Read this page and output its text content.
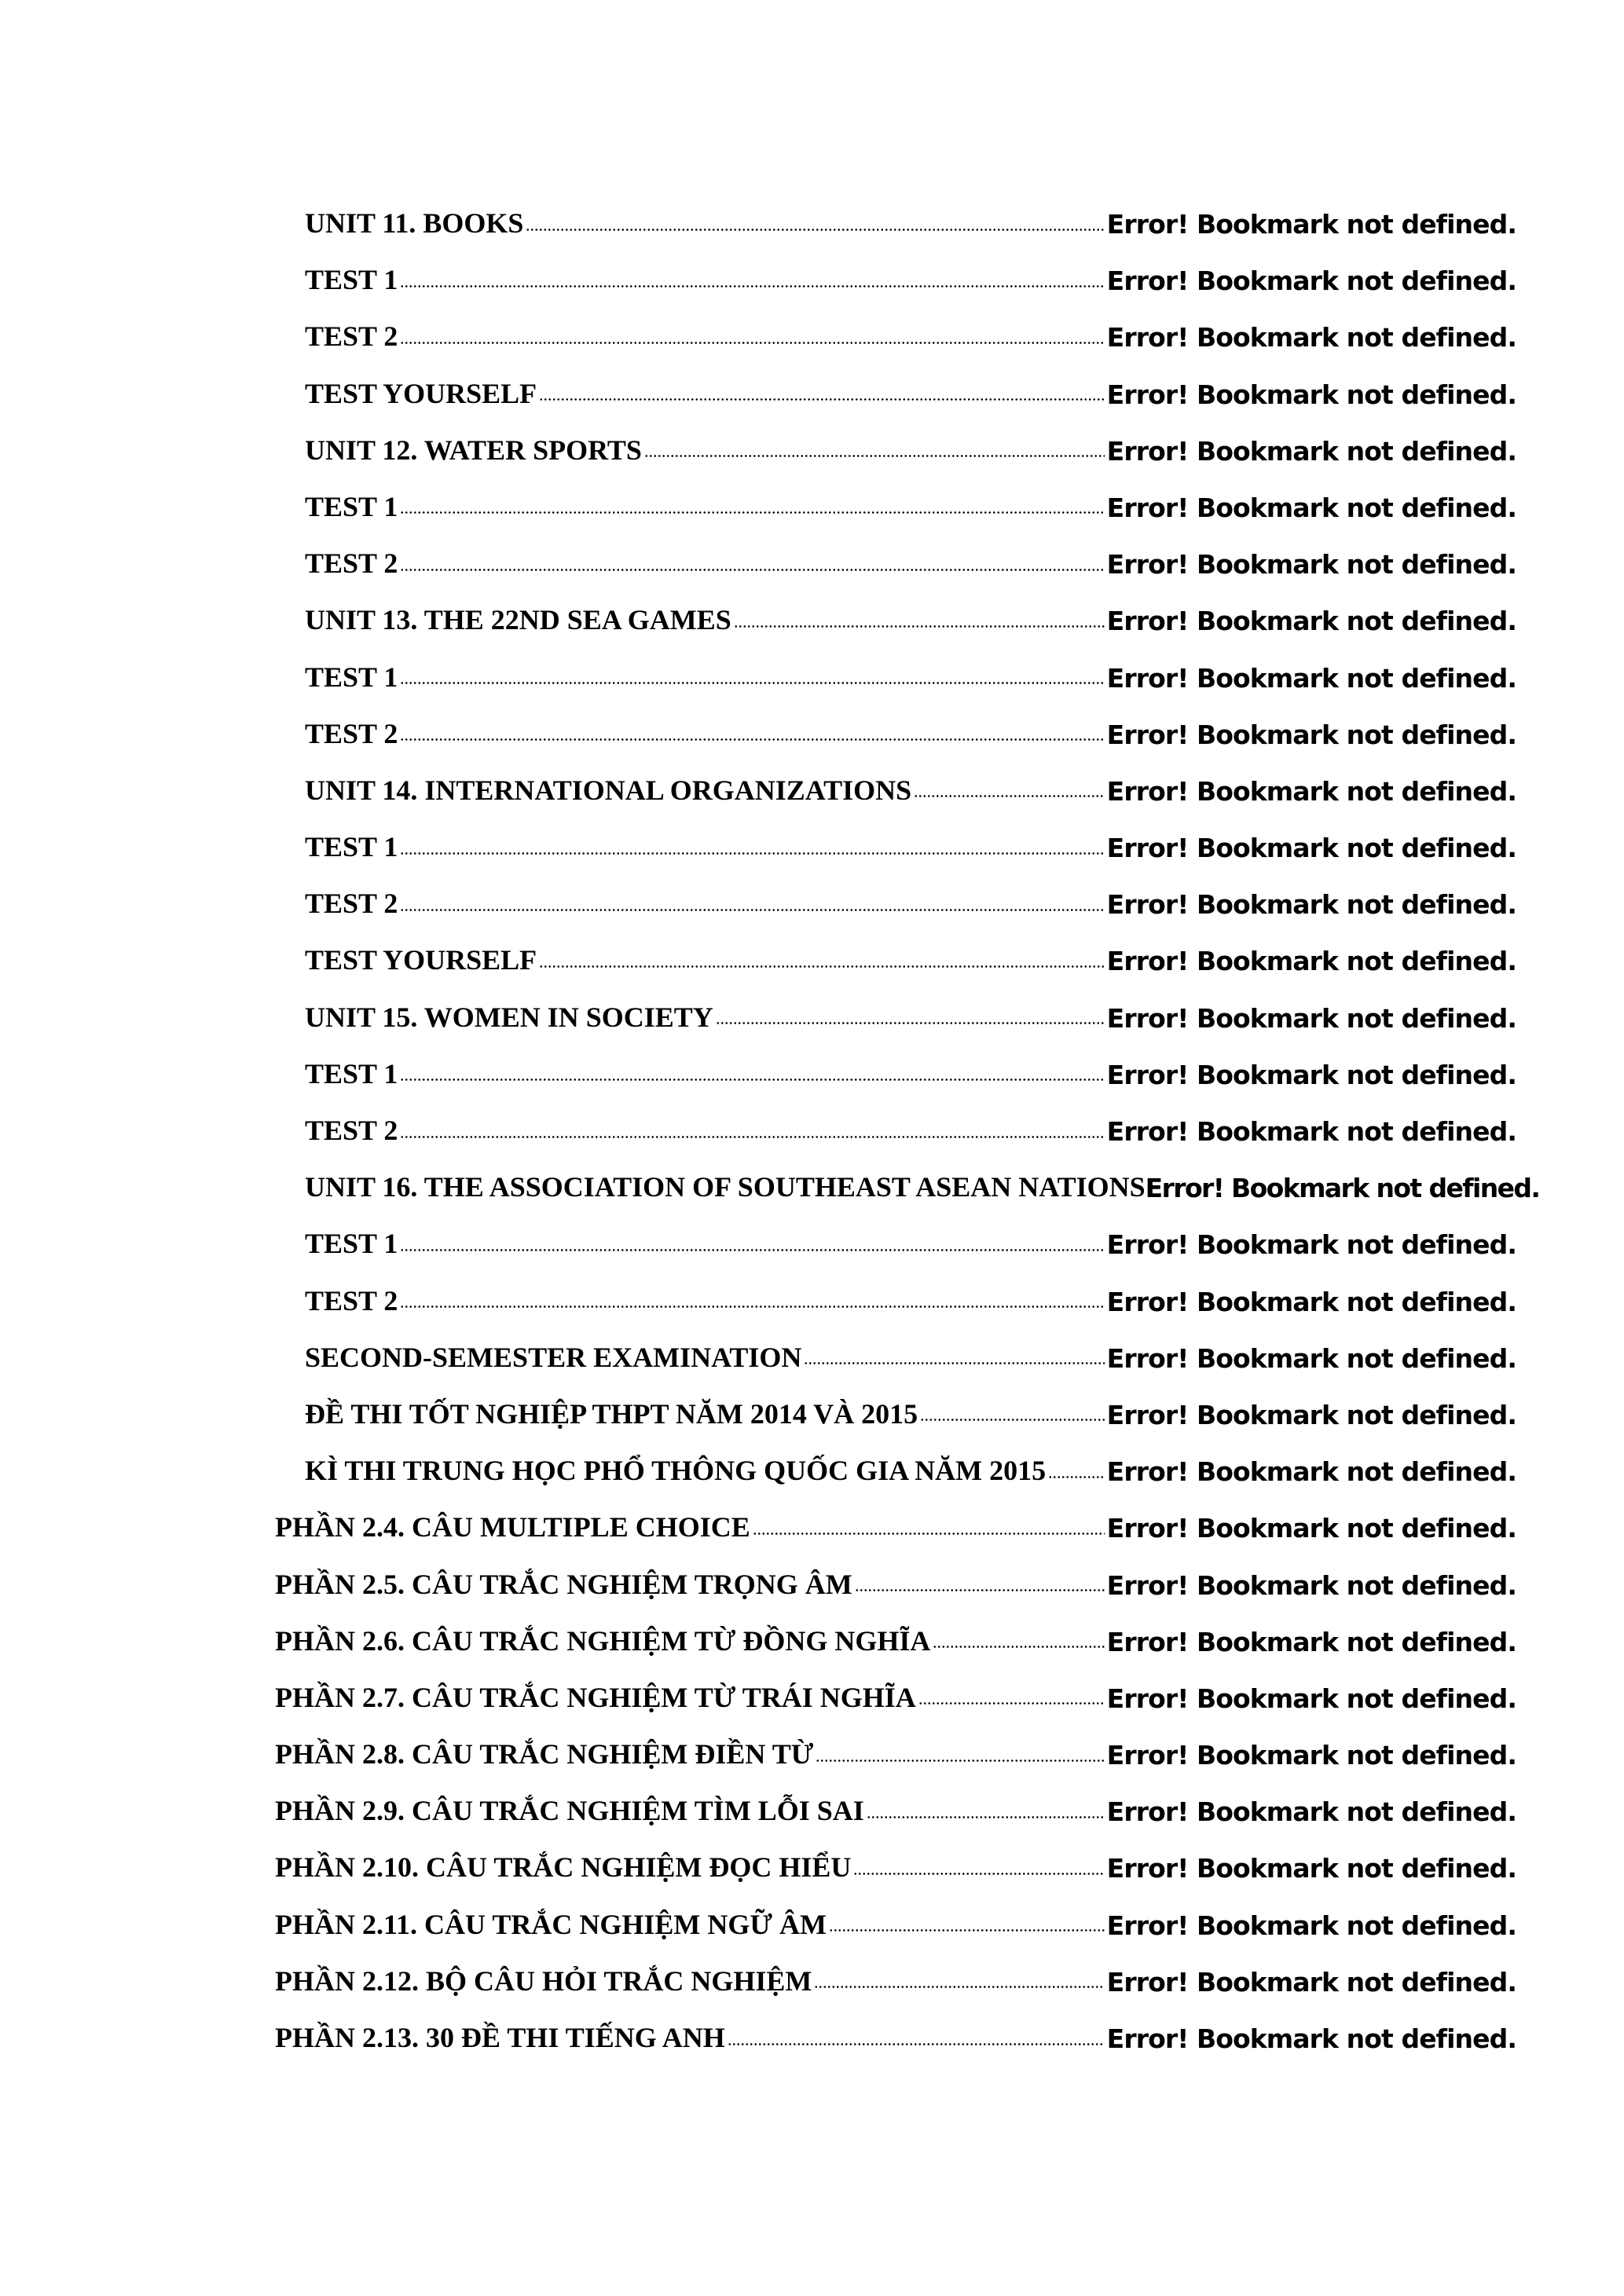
UNIT 11. BOOKS	Error! Bookmark not defined.
TEST 1	Error! Bookmark not defined.
TEST 2	Error! Bookmark not defined.
TEST YOURSELF	Error! Bookmark not defined.
UNIT 12. WATER SPORTS	Error! Bookmark not defined.
TEST 1	Error! Bookmark not defined.
TEST 2	Error! Bookmark not defined.
UNIT 13. THE 22ND SEA GAMES	Error! Bookmark not defined.
TEST 1	Error! Bookmark not defined.
TEST 2	Error! Bookmark not defined.
UNIT 14. INTERNATIONAL ORGANIZATIONS	Error! Bookmark not defined.
TEST 1	Error! Bookmark not defined.
TEST 2	Error! Bookmark not defined.
TEST YOURSELF	Error! Bookmark not defined.
UNIT 15. WOMEN IN SOCIETY	Error! Bookmark not defined.
TEST 1	Error! Bookmark not defined.
TEST 2	Error! Bookmark not defined.
UNIT 16. THE ASSOCIATION OF SOUTHEAST ASEAN NATIONS Error! Bookmark not defined.
TEST 1	Error! Bookmark not defined.
TEST 2	Error! Bookmark not defined.
SECOND-SEMESTER EXAMINATION	Error! Bookmark not defined.
ĐỀ THI TỐT NGHIỆP THPT NĂM 2014 VÀ 2015	Error! Bookmark not defined.
KÌ THI TRUNG HỌC PHỔ THÔNG QUỐC GIA NĂM 2015 Error! Bookmark not defined.
PHẦN 2.4. CÂU MULTIPLE CHOICE	Error! Bookmark not defined.
PHẦN 2.5. CÂU TRẮC NGHIỆM TRỌNG ÂM	Error! Bookmark not defined.
PHẦN 2.6. CÂU TRẮC NGHIỆM TỪ ĐỒNG NGHĨA	Error! Bookmark not defined.
PHẦN 2.7. CÂU TRẮC NGHIỆM TỪ TRÁI NGHĨA	Error! Bookmark not defined.
PHẦN 2.8. CÂU TRẮC NGHIỆM ĐIỀN TỪ	Error! Bookmark not defined.
PHẦN 2.9. CÂU TRẮC NGHIỆM TÌM LỖI SAI	Error! Bookmark not defined.
PHẦN 2.10. CÂU TRẮC NGHIỆM ĐỌC HIỂU	Error! Bookmark not defined.
PHẦN 2.11. CÂU TRẮC NGHIỆM NGỮ ÂM	Error! Bookmark not defined.
PHẦN 2.12. BỘ CÂU HỎI TRẮC NGHIỆM	Error! Bookmark not defined.
PHẦN 2.13. 30 ĐỀ THI TIẾNG ANH	Error! Bookmark not defined.
